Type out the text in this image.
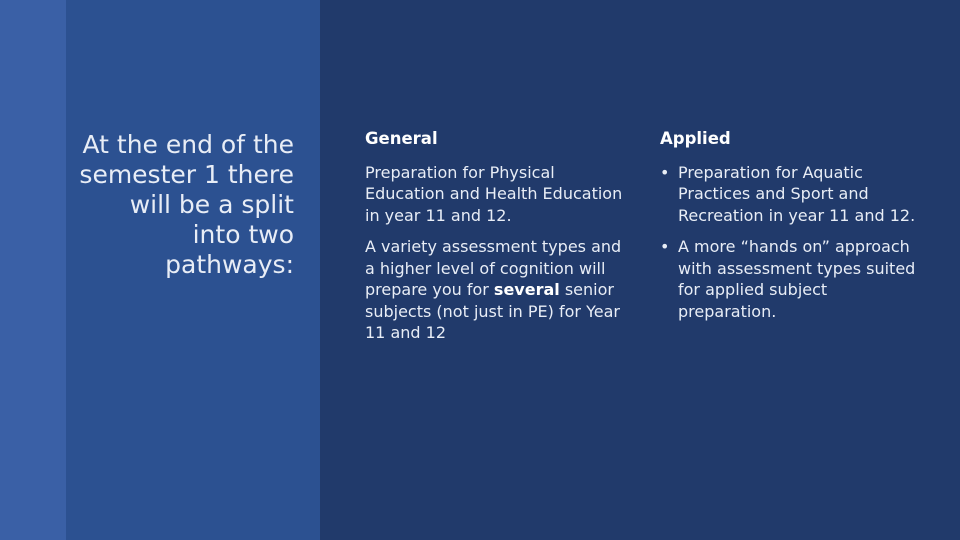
At the end of the semester 1 there will be a split into two pathways:

General

Preparation for Physical Education and Health Education in year 11 and 12.

A variety assessment types and a higher level of cognition will prepare you for several senior subjects (not just in PE) for Year 11 and 12

Applied
• Preparation for Aquatic Practices and Sport and Recreation in year 11 and 12.
• A more “hands on” approach with assessment types suited for applied subject preparation.
